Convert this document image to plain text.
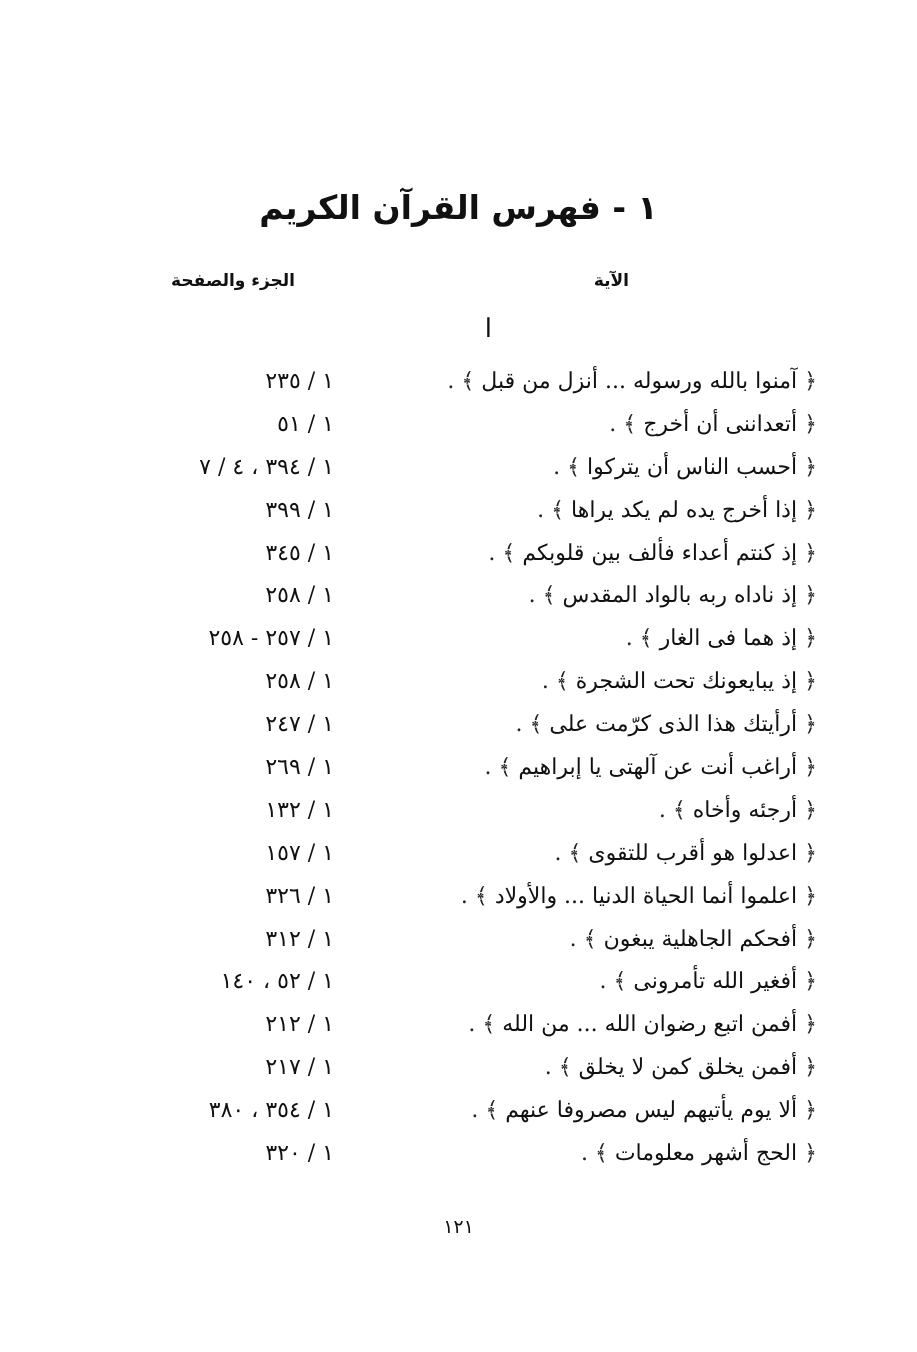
١ - فهرس القرآن الكريم
الآية
الجزء والصفحة
ا
﴿ آمنوا بالله ورسوله ... أنزل من قبل ﴾ .
١ / ٢٣٥
﴿ أتعداننى أن أخرج ﴾ .
١ / ٥١
﴿ أحسب الناس أن يتركوا ﴾ .
١ / ٣٩٤ ، ٤ / ٧
﴿ إذا أخرج يده لم يكد يراها ﴾ .
١ / ٣٩٩
﴿ إذ كنتم أعداء فألف بين قلوبكم ﴾ .
١ / ٣٤٥
﴿ إذ ناداه ربه بالواد المقدس ﴾ .
١ / ٢٥٨
﴿ إذ هما فى الغار ﴾ .
١ / ٢٥٧ - ٢٥٨
﴿ إذ يبايعونك تحت الشجرة ﴾ .
١ / ٢٥٨
﴿ أرأيتك هذا الذى كرّمت على ﴾ .
١ / ٢٤٧
﴿ أراغب أنت عن آلهتى يا إبراهيم ﴾ .
١ / ٢٦٩
﴿ أرجئه وأخاه ﴾ .
١ / ١٣٢
﴿ اعدلوا هو أقرب للتقوى ﴾ .
١ / ١٥٧
﴿ اعلموا أنما الحياة الدنيا ... والأولاد ﴾ .
١ / ٣٢٦
﴿ أفحكم الجاهلية يبغون ﴾ .
١ / ٣١٢
﴿ أفغير الله تأمرونى ﴾ .
١ / ٥٢ ، ١٤٠
﴿ أفمن اتبع رضوان الله ... من الله ﴾ .
١ / ٢١٢
﴿ أفمن يخلق كمن لا يخلق ﴾ .
١ / ٢١٧
﴿ ألا يوم يأتيهم ليس مصروفا عنهم ﴾ .
١ / ٣٥٤ ، ٣٨٠
﴿ الحج أشهر معلومات ﴾ .
١ / ٣٢٠
١٢١
